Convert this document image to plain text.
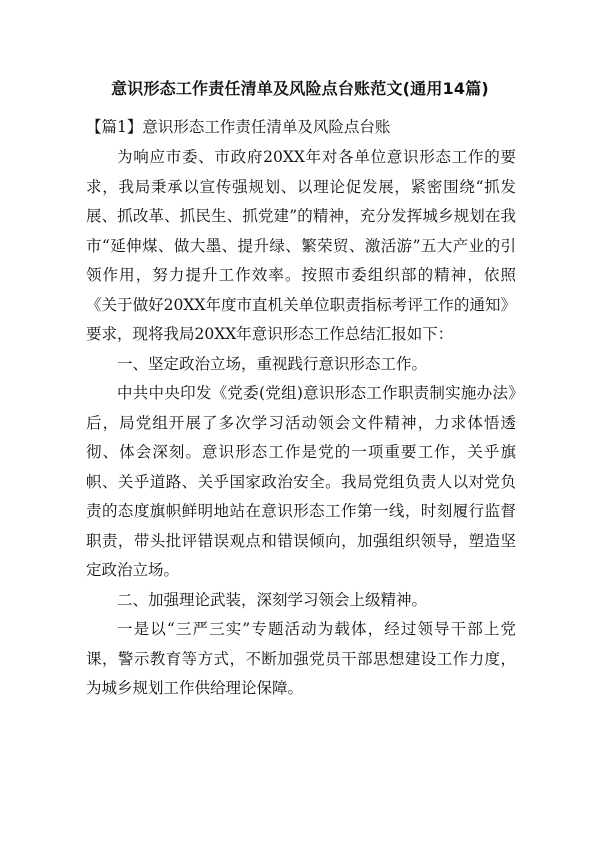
意识形态工作责任清单及风险点台账范文(通用14篇)
【篇1】意识形态工作责任清单及风险点台账

为响应市委、市政府20XX年对各单位意识形态工作的要求，我局秉承以宣传强规划、以理论促发展，紧密围绕“抓发展、抓改革、抓民生、抓党建”的精神，充分发挥城乡规划在我市“延伸煤、做大墨、提升绿、繁荣贸、激活游”五大产业的引领作用，努力提升工作效率。按照市委组织部的精神，依照《关于做好20XX年度市直机关单位职责指标考评工作的通知》要求，现将我局20XX年意识形态工作总结汇报如下：

一、坚定政治立场，重视践行意识形态工作。

中共中央印发《党委(党组)意识形态工作职责制实施办法》后，局党组开展了多次学习活动领会文件精神，力求体悟透彻、体会深刻。意识形态工作是党的一项重要工作，关乎旗帜、关乎道路、关乎国家政治安全。我局党组负责人以对党负责的态度旗帜鲜明地站在意识形态工作第一线，时刻履行监督职责，带头批评错误观点和错误倾向，加强组织领导，塑造坚定政治立场。

二、加强理论武装，深刻学习领会上级精神。

一是以“三严三实”专题活动为载体，经过领导干部上党课，警示教育等方式，不断加强党员干部思想建设工作力度，为城乡规划工作供给理论保障。
